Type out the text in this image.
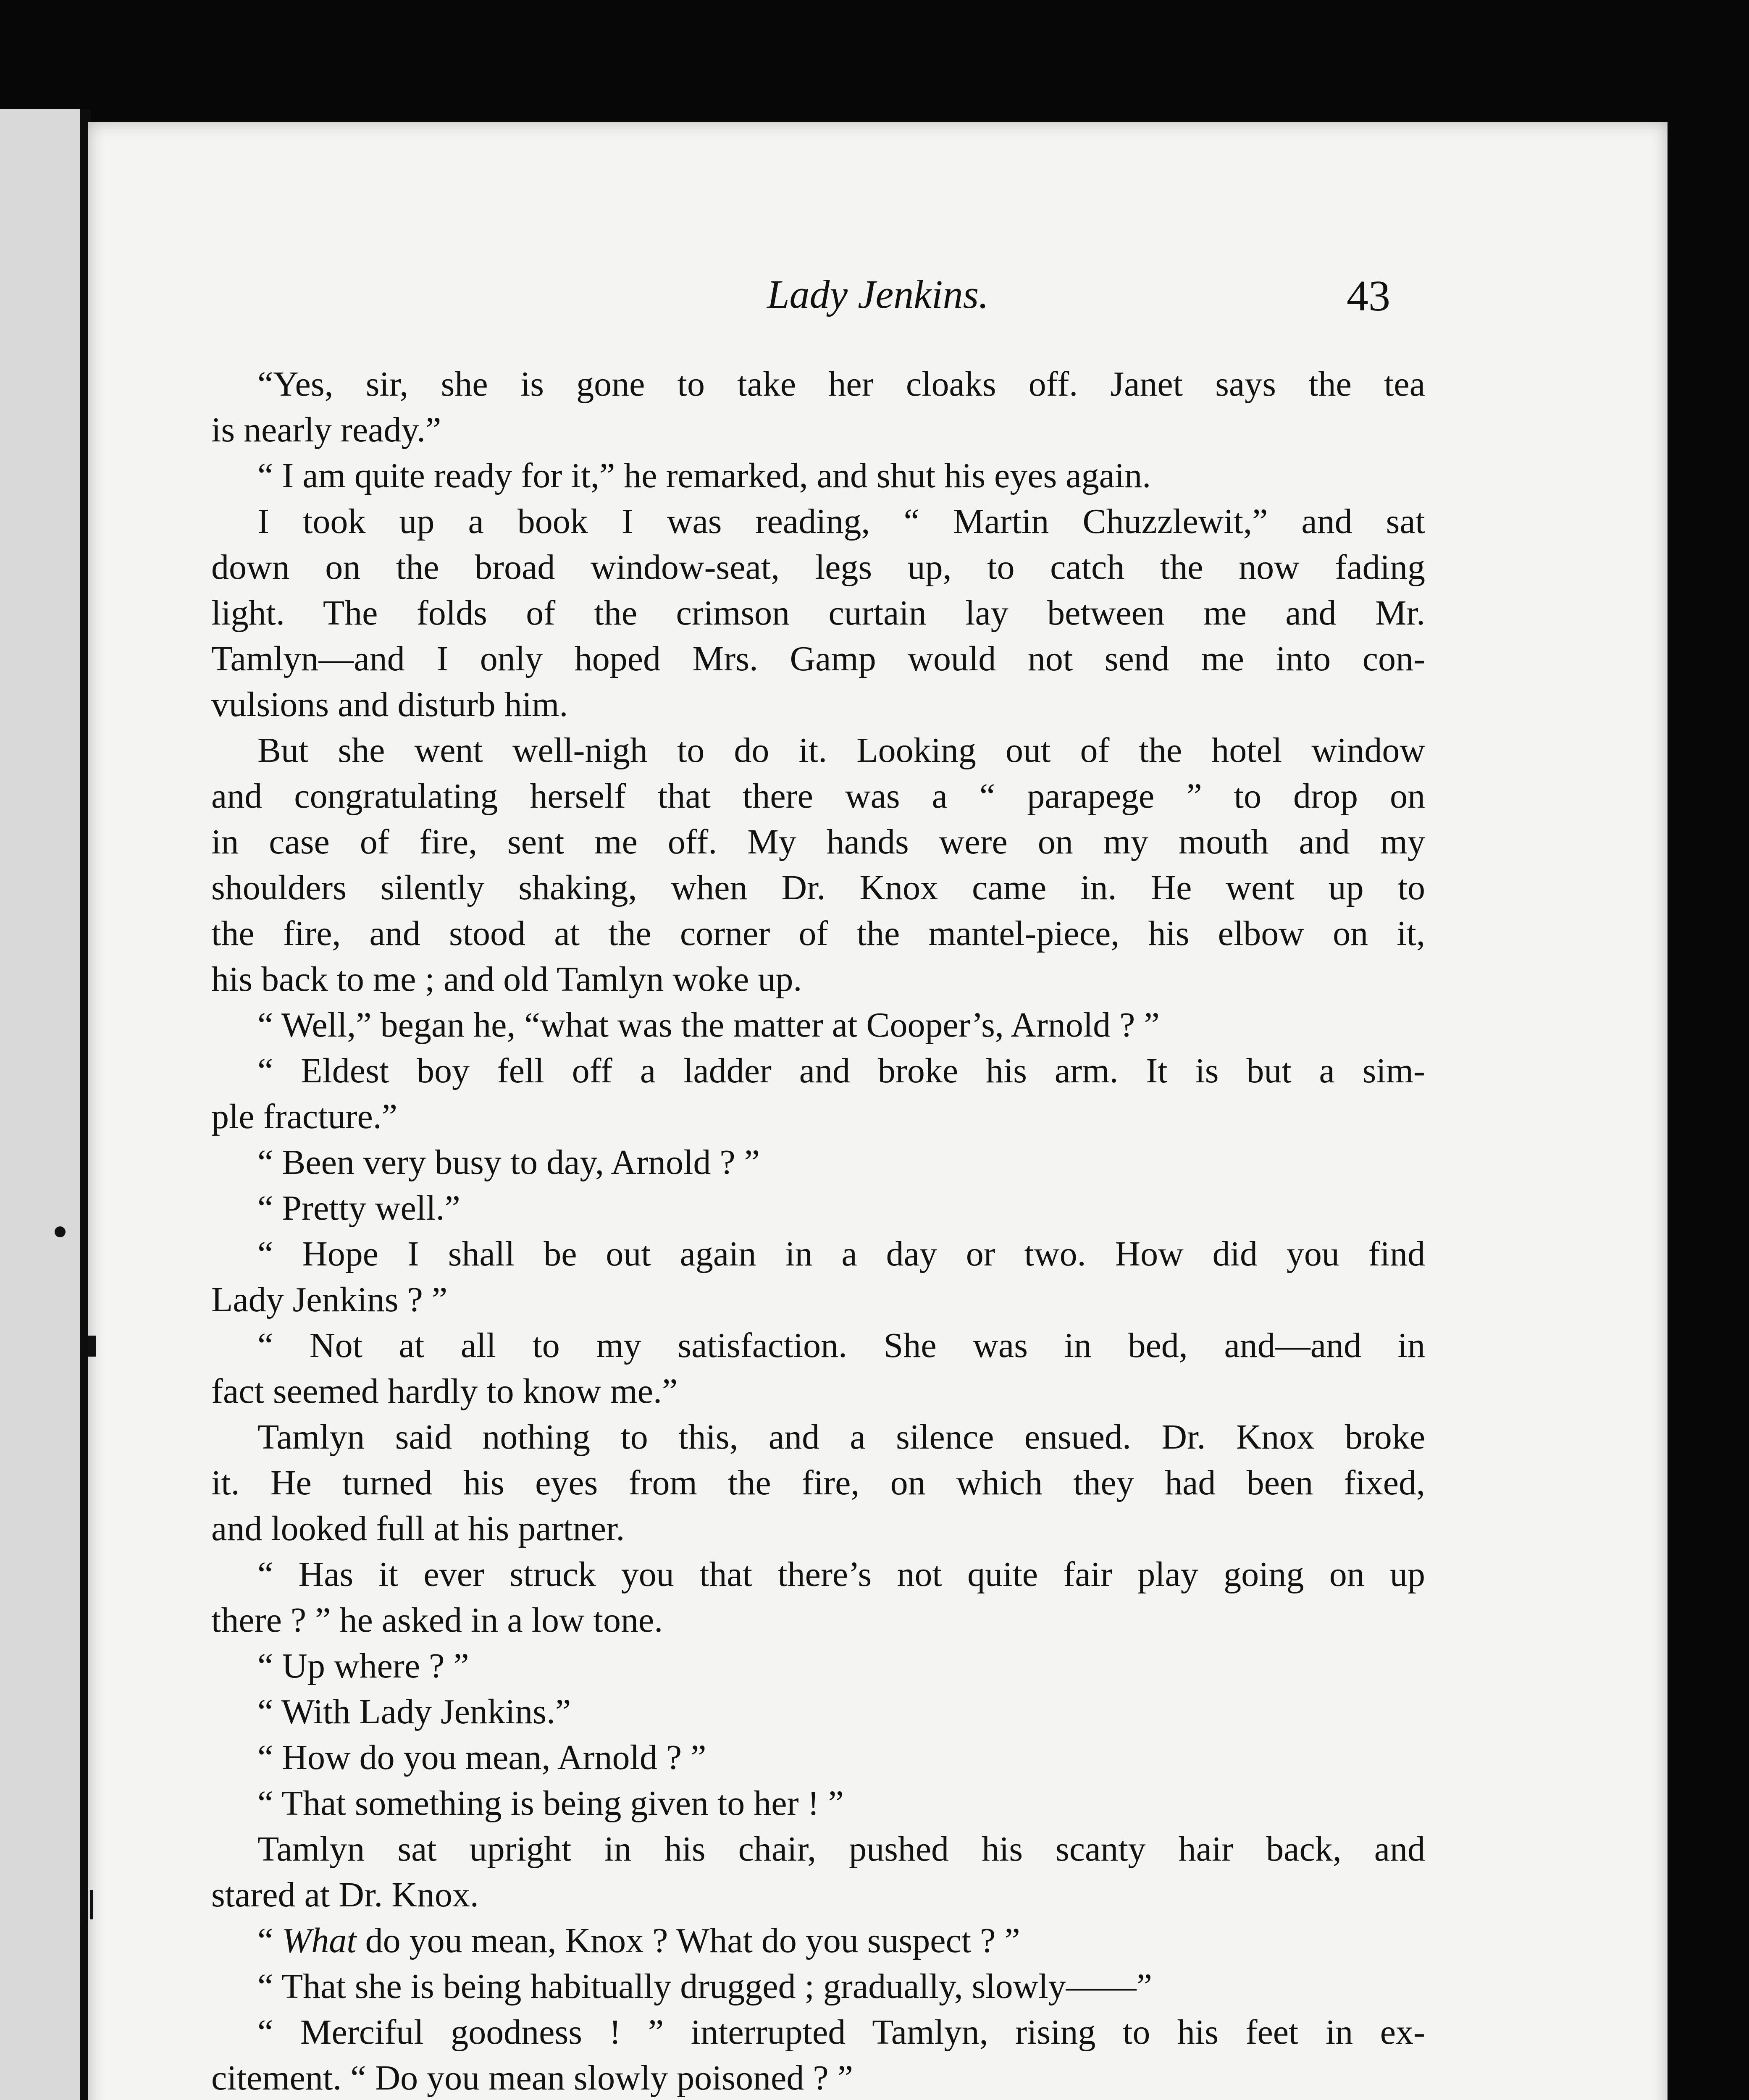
Lady Jenkins.	43
“Yes, sir, she is gone to take her cloaks off. Janet says the tea
is nearly ready.”
“ I am quite ready for it,” he remarked, and shut his eyes again.
I took up a book I was reading, “ Martin Chuzzlewit,” and sat
down on the broad window-seat, legs up, to catch the now fading
light. The folds of the crimson curtain lay between me and Mr.
Tamlyn—and I only hoped Mrs. Gamp would not send me into con-
vulsions and disturb him.
But she went well-nigh to do it. Looking out of the hotel window
and congratulating herself that there was a “ parapege ” to drop on
in case of fire, sent me off. My hands were on my mouth and my
shoulders silently shaking, when Dr. Knox came in. He went up to
the fire, and stood at the corner of the mantel-piece, his elbow on it,
his back to me ; and old Tamlyn woke up.
“ Well,” began he, “what was the matter at Cooper’s, Arnold ? ”
“ Eldest boy fell off a ladder and broke his arm. It is but a sim-
ple fracture.”
“ Been very busy to day, Arnold ? ”
“ Pretty well.”
“ Hope I shall be out again in a day or two. How did you find
Lady Jenkins ? ”
“ Not at all to my satisfaction. She was in bed, and—and in
fact seemed hardly to know me.”
Tamlyn said nothing to this, and a silence ensued. Dr. Knox broke
it. He turned his eyes from the fire, on which they had been fixed,
and looked full at his partner.
“ Has it ever struck you that there’s not quite fair play going on up
there ? ” he asked in a low tone.
“ Up where ? ”
“ With Lady Jenkins.”
“ How do you mean, Arnold ? ”
“ That something is being given to her ! ”
Tamlyn sat upright in his chair, pushed his scanty hair back, and
stared at Dr. Knox.
“ What do you mean, Knox ? What do you suspect ? ”
“ That she is being habitually drugged ; gradually, slowly——”
“ Merciful goodness ! ” interrupted Tamlyn, rising to his feet in ex-
citement. “ Do you mean slowly poisoned ? ”
